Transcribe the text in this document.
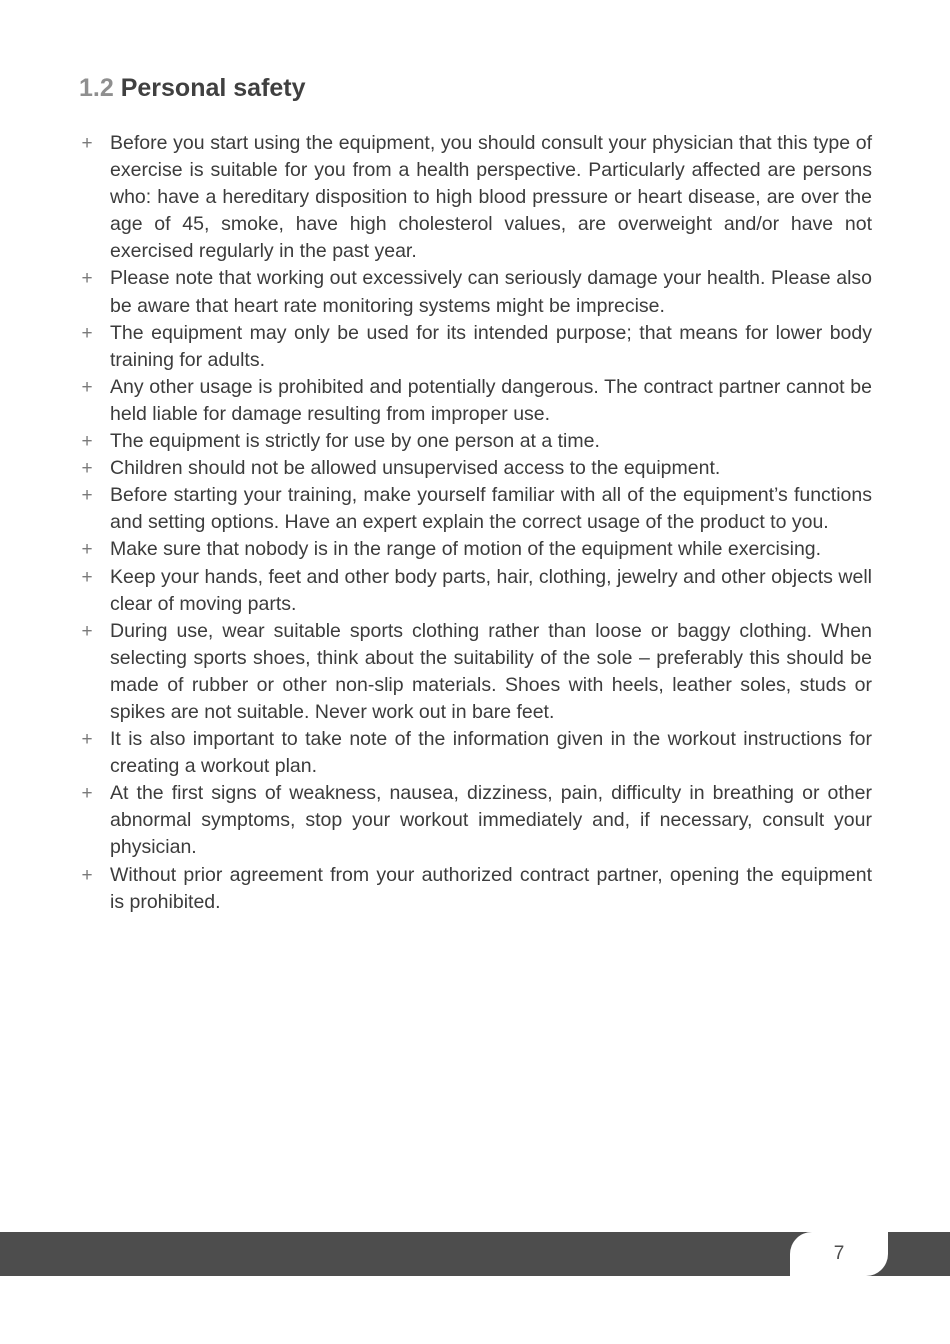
1.2 Personal safety
+ Before you start using the equipment, you should consult your physician that this type of exercise is suitable for you from a health perspective. Particularly affected are persons who: have a hereditary disposition to high blood pressure or heart disease, are over the age of 45, smoke, have high cholesterol values, are overweight and/or have not exercised regularly in the past year.
+ Please note that working out excessively can seriously damage your health. Please also be aware that heart rate monitoring systems might be imprecise.
+ The equipment may only be used for its intended purpose; that means for lower body training for adults.
+ Any other usage is prohibited and potentially dangerous. The contract partner cannot be held liable for damage resulting from improper use.
+ The equipment is strictly for use by one person at a time.
+ Children should not be allowed unsupervised access to the equipment.
+ Before starting your training, make yourself familiar with all of the equipment’s functions and setting options. Have an expert explain the correct usage of the product to you.
+ Make sure that nobody is in the range of motion of the equipment while exercising.
+ Keep your hands, feet and other body parts, hair, clothing, jewelry and other objects well clear of moving parts.
+ During use, wear suitable sports clothing rather than loose or baggy clothing. When selecting sports shoes, think about the suitability of the sole – preferably this should be made of rubber or other non-slip materials. Shoes with heels, leather soles, studs or spikes are not suitable. Never work out in bare feet.
+ It is also important to take note of the information given in the workout instructions for creating a workout plan.
+ At the first signs of weakness, nausea, dizziness, pain, difficulty in breathing or other abnormal symptoms, stop your workout immediately and, if necessary, consult your physician.
+ Without prior agreement from your authorized contract partner, opening the equipment is prohibited.
7
